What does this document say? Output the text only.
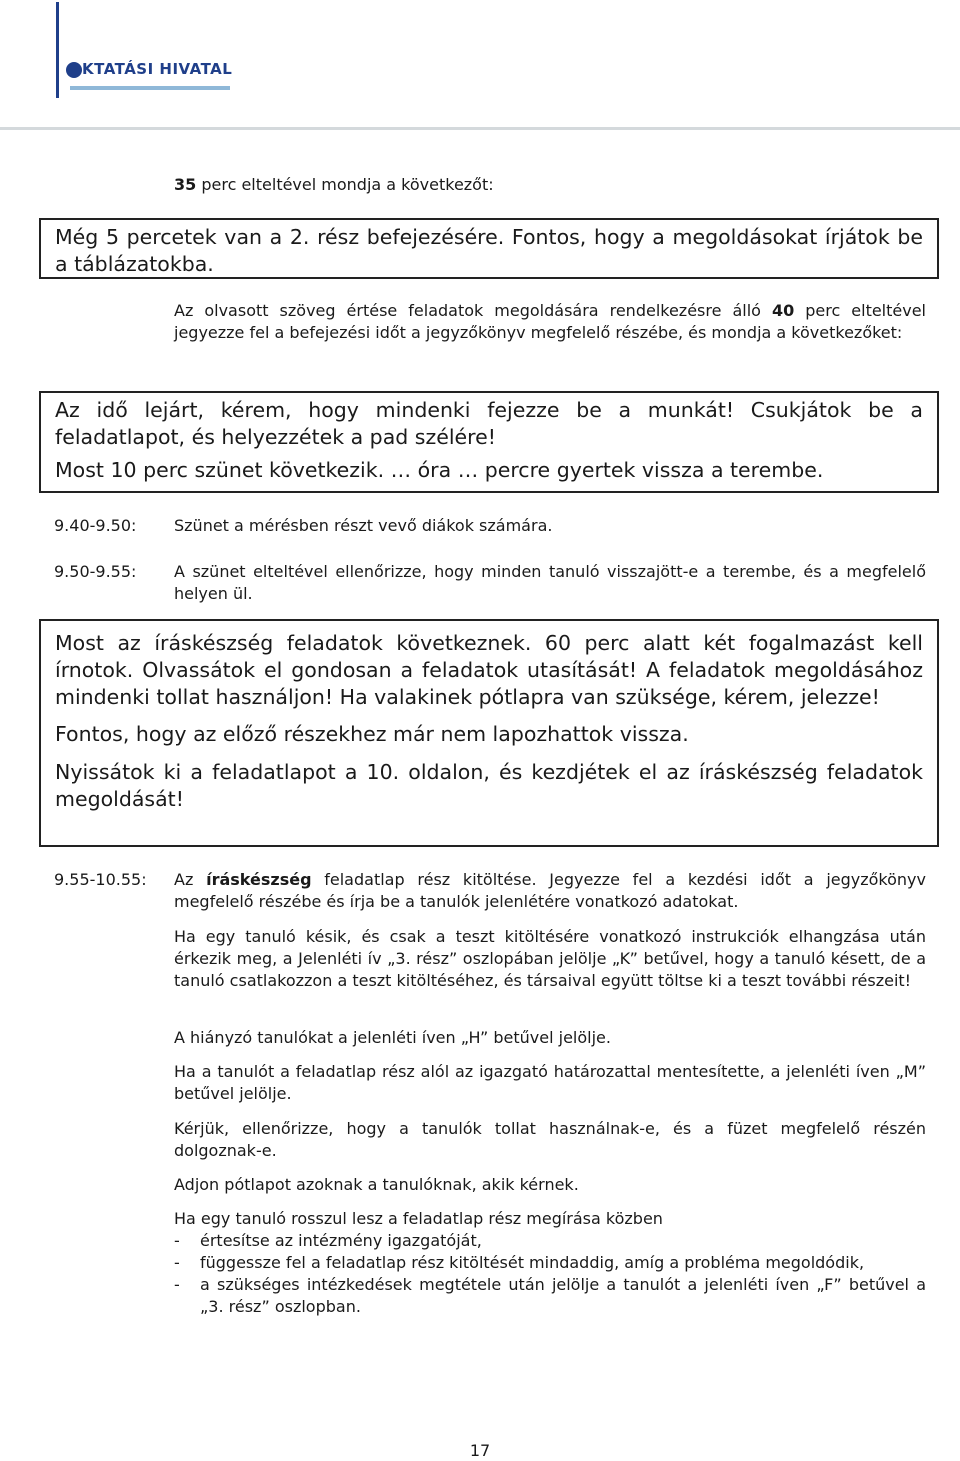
KTATÁSI HIVATAL
35 perc elteltével mondja a következőt:
Még 5 percetek van a 2. rész befejezésére. Fontos, hogy a megoldásokat írjátok be a táblázatokba.
Az olvasott szöveg értése feladatok megoldására rendelkezésre álló 40 perc elteltével jegyezze fel a befejezési időt a jegyzőkönyv megfelelő részébe, és mondja a következőket:
Az idő lejárt, kérem, hogy mindenki fejezze be a munkát! Csukjátok be a feladatlapot, és helyezzétek a pad szélére!
Most 10 perc szünet következik. … óra … percre gyertek vissza a terembe.
9.40-9.50:	Szünet a mérésben részt vevő diákok számára.
9.50-9.55:	A szünet elteltével ellenőrizze, hogy minden tanuló visszajött-e a terembe, és a megfelelő helyen ül.
Most az íráskészség feladatok következnek. 60 perc alatt két fogalmazást kell írnotok. Olvassátok el gondosan a feladatok utasítását! A feladatok megoldásához mindenki tollat használjon! Ha valakinek pótlapra van szüksége, kérem, jelezze!
Fontos, hogy az előző részekhez már nem lapozhattok vissza.
Nyissátok ki a feladatlapot a 10. oldalon, és kezdjétek el az íráskészség feladatok megoldását!
9.55-10.55:	Az íráskészség feladatlap rész kitöltése. Jegyezze fel a kezdési időt a jegyzőkönyv megfelelő részébe és írja be a tanulók jelenlétére vonatkozó adatokat.
Ha egy tanuló késik, és csak a teszt kitöltésére vonatkozó instrukciók elhangzása után érkezik meg, a Jelenléti ív „3. rész” oszlopában jelölje „K” betűvel, hogy a tanuló késett, de a tanuló csatlakozzon a teszt kitöltéséhez, és társaival együtt töltse ki a teszt további részeit!
A hiányzó tanulókat a jelenléti íven „H” betűvel jelölje.
Ha a tanulót a feladatlap rész alól az igazgató határozattal mentesítette, a jelenléti íven „M” betűvel jelölje.
Kérjük, ellenőrizze, hogy a tanulók tollat használnak-e, és a füzet megfelelő részén dolgoznak-e.
Adjon pótlapot azoknak a tanulóknak, akik kérnek.
Ha egy tanuló rosszul lesz a feladatlap rész megírása közben
-	értesítse az intézmény igazgatóját,
-	függessze fel a feladatlap rész kitöltését mindaddig, amíg a probléma megoldódik,
-	a szükséges intézkedések megtétele után jelölje a tanulót a jelenléti íven „F” betűvel a „3. rész” oszlopban.
17
